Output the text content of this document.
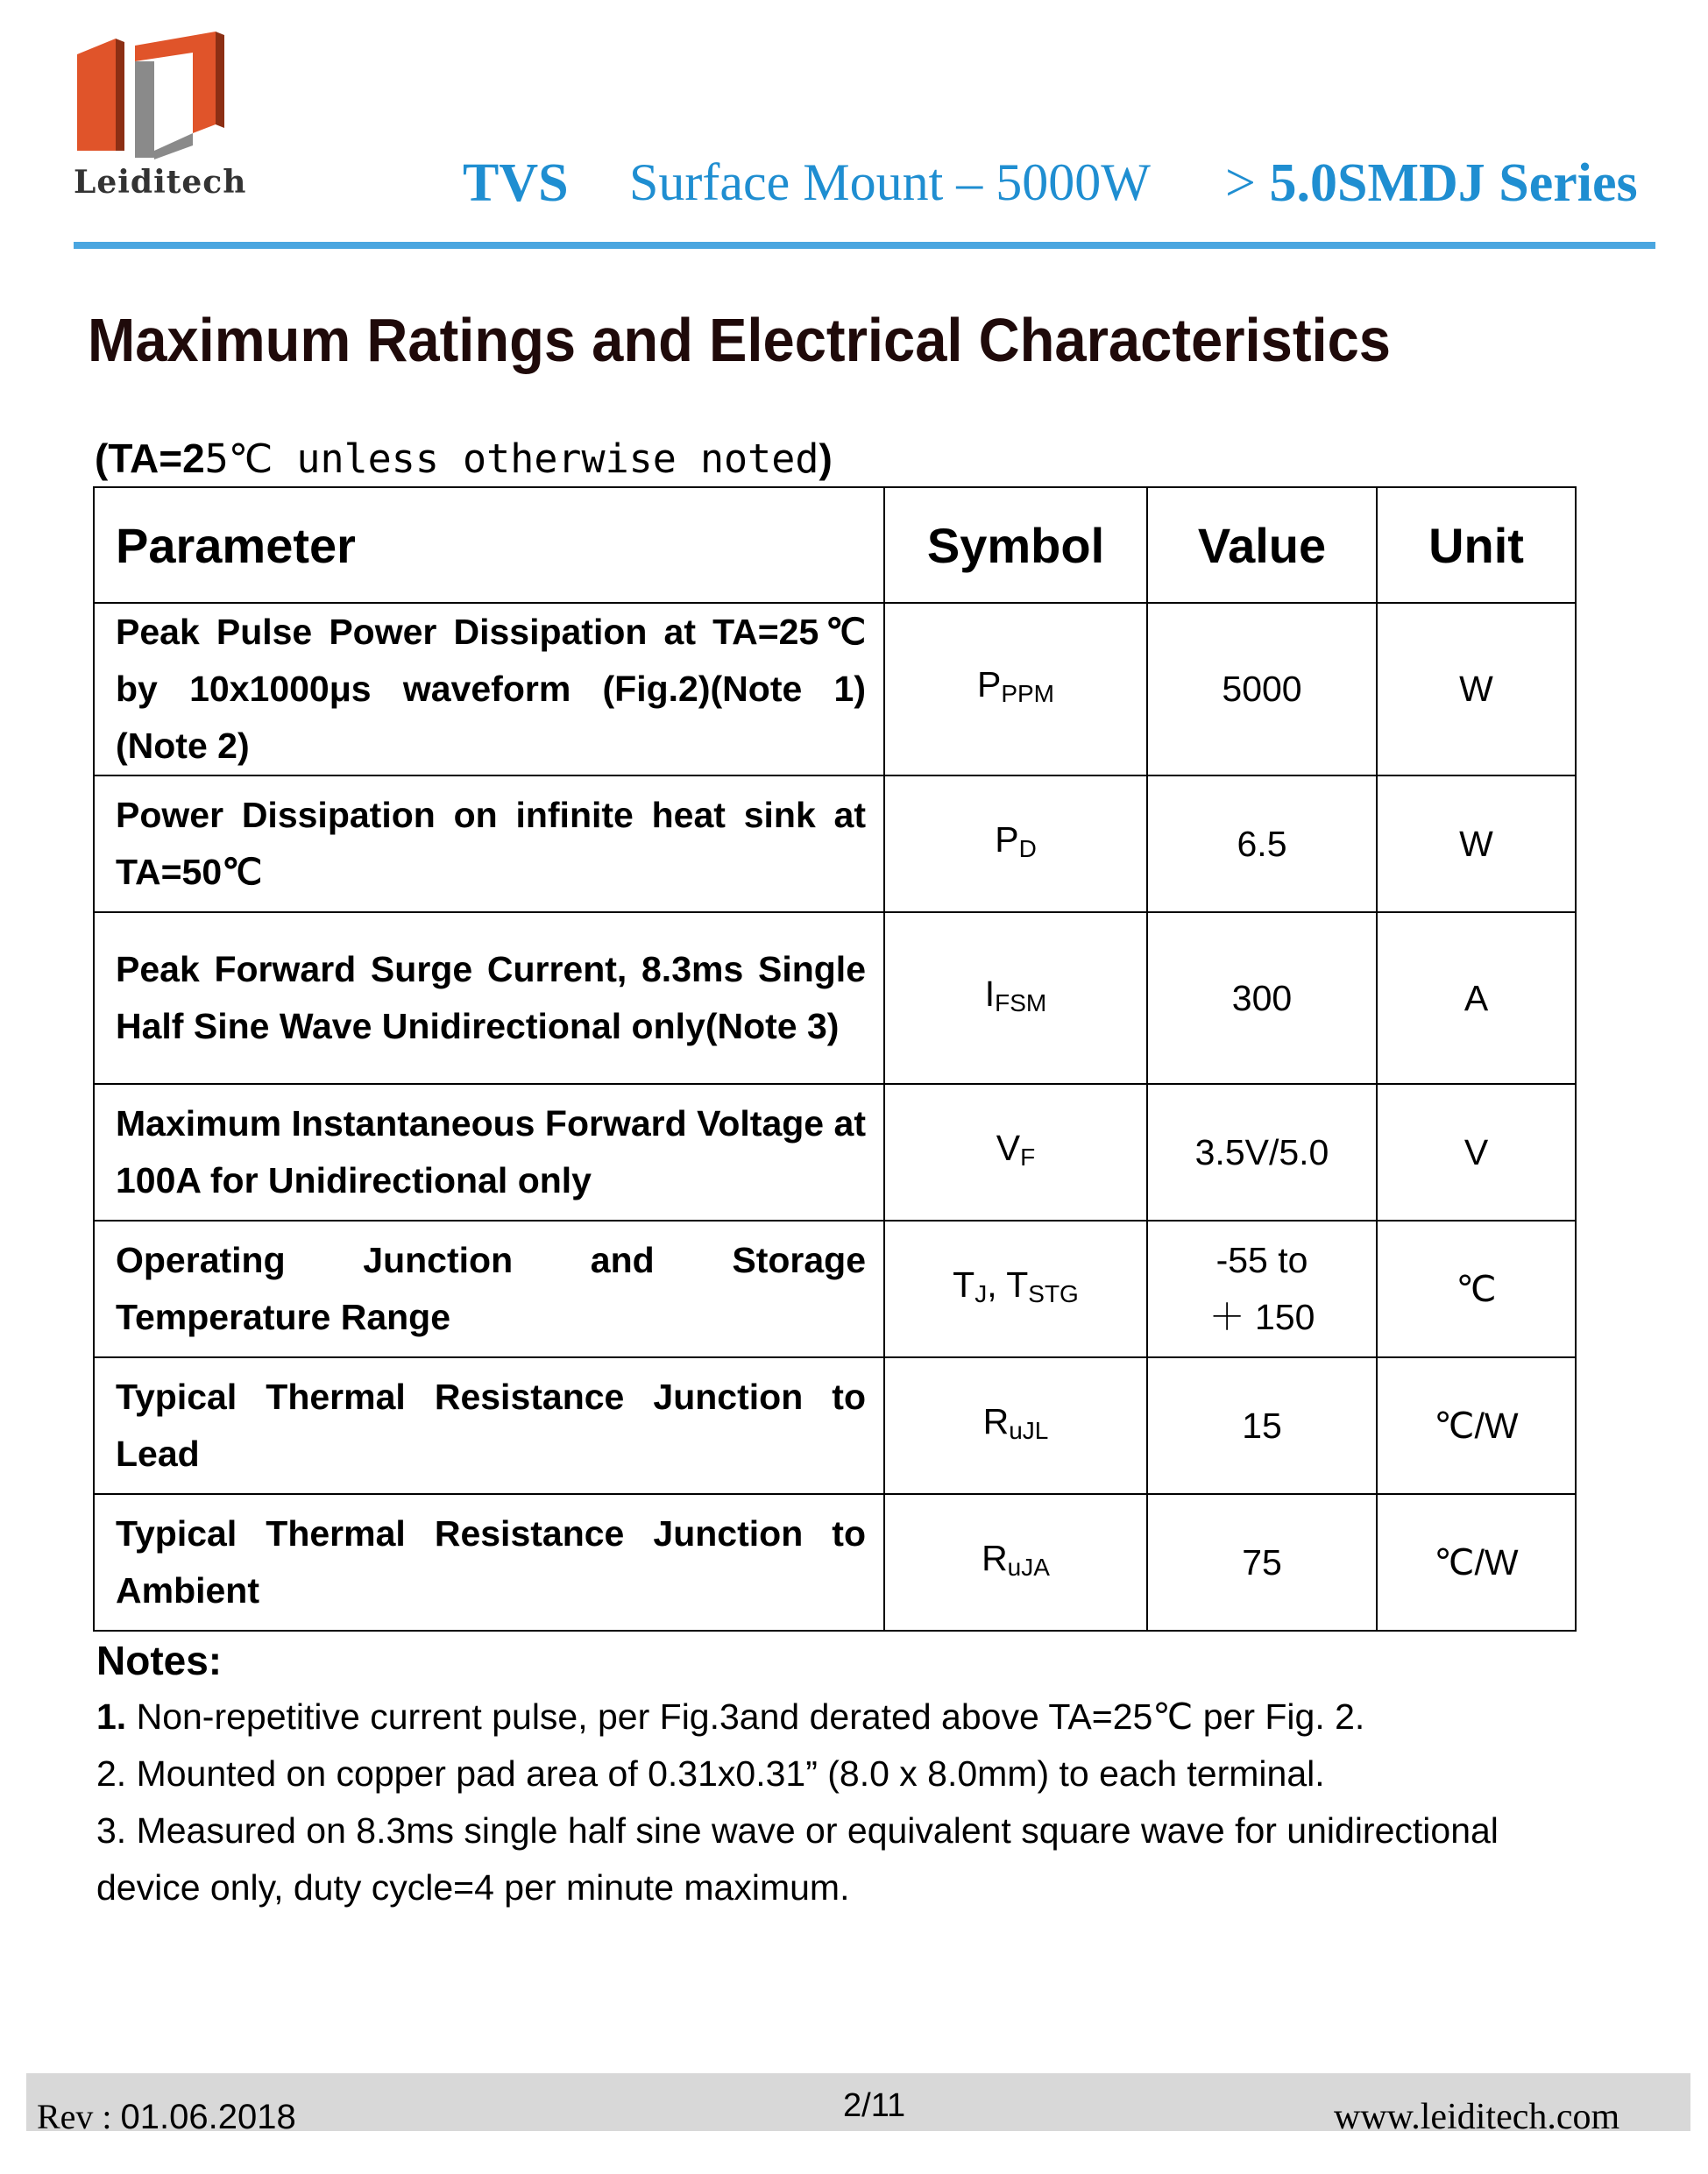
Leiditech	TVS Surface Mount – 5000W > 5.0SMDJ Series
Maximum Ratings and Electrical Characteristics
(TA=25℃ unless otherwise noted)
Parameter	Symbol	Value	Unit
Peak Pulse Power Dissipation at TA=25℃ by 10x1000μs waveform (Fig.2)(Note 1) (Note 2)	$P_{PPM}$	5000	W
Power Dissipation on infinite heat sink at TA=50℃	$P_D$	6.5	W
Peak Forward Surge Current, 8.3ms Single Half Sine Wave Unidirectional only(Note 3)	$I_{FSM}$	300	A
Maximum Instantaneous Forward Voltage at 100A for Unidirectional only	$V_F$	3.5V/5.0	V
Operating Junction and Storage Temperature Range	$T_J$, $T_{STG}$	-55 to ＋ 150	℃
Typical Thermal Resistance Junction to Lead	$R_{uJL}$	15	℃/W
Typical Thermal Resistance Junction to Ambient	$R_{uJA}$	75	℃/W
Notes:
1. Non-repetitive current pulse, per Fig.3and derated above TA=25℃ per Fig. 2.
2. Mounted on copper pad area of 0.31x0.31” (8.0 x 8.0mm) to each terminal.
3. Measured on 8.3ms single half sine wave or equivalent square wave for unidirectional device only, duty cycle=4 per minute maximum.
Rev : 01.06.2018	2/11	www.leiditech.com
